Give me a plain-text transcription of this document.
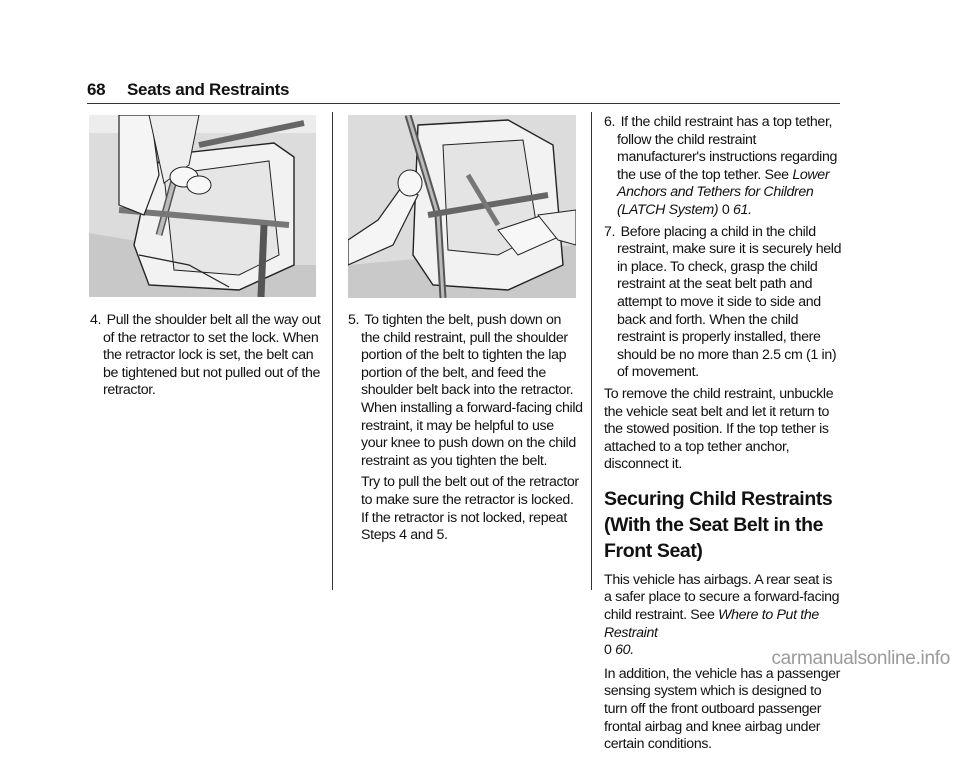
68 Seats and Restraints

4. Pull the shoulder belt all the way out of the retractor to set the lock. When the retractor lock is set, the belt can be tightened but not pulled out of the retractor.

5. To tighten the belt, push down on the child restraint, pull the shoulder portion of the belt to tighten the lap portion of the belt, and feed the shoulder belt back into the retractor. When installing a forward-facing child restraint, it may be helpful to use your knee to push down on the child restraint as you tighten the belt.

Try to pull the belt out of the retractor to make sure the retractor is locked. If the retractor is not locked, repeat Steps 4 and 5.

6. If the child restraint has a top tether, follow the child restraint manufacturer's instructions regarding the use of the top tether. See Lower Anchors and Tethers for Children (LATCH System) 0 61.

7. Before placing a child in the child restraint, make sure it is securely held in place. To check, grasp the child restraint at the seat belt path and attempt to move it side to side and back and forth. When the child restraint is properly installed, there should be no more than 2.5 cm (1 in) of movement.

To remove the child restraint, unbuckle the vehicle seat belt and let it return to the stowed position. If the top tether is attached to a top tether anchor, disconnect it.

Securing Child Restraints (With the Seat Belt in the Front Seat)

This vehicle has airbags. A rear seat is a safer place to secure a forward-facing child restraint. See Where to Put the Restraint
0 60.

In addition, the vehicle has a passenger sensing system which is designed to turn off the front outboard passenger frontal airbag and knee airbag under certain conditions.

carmanualsonline.info
